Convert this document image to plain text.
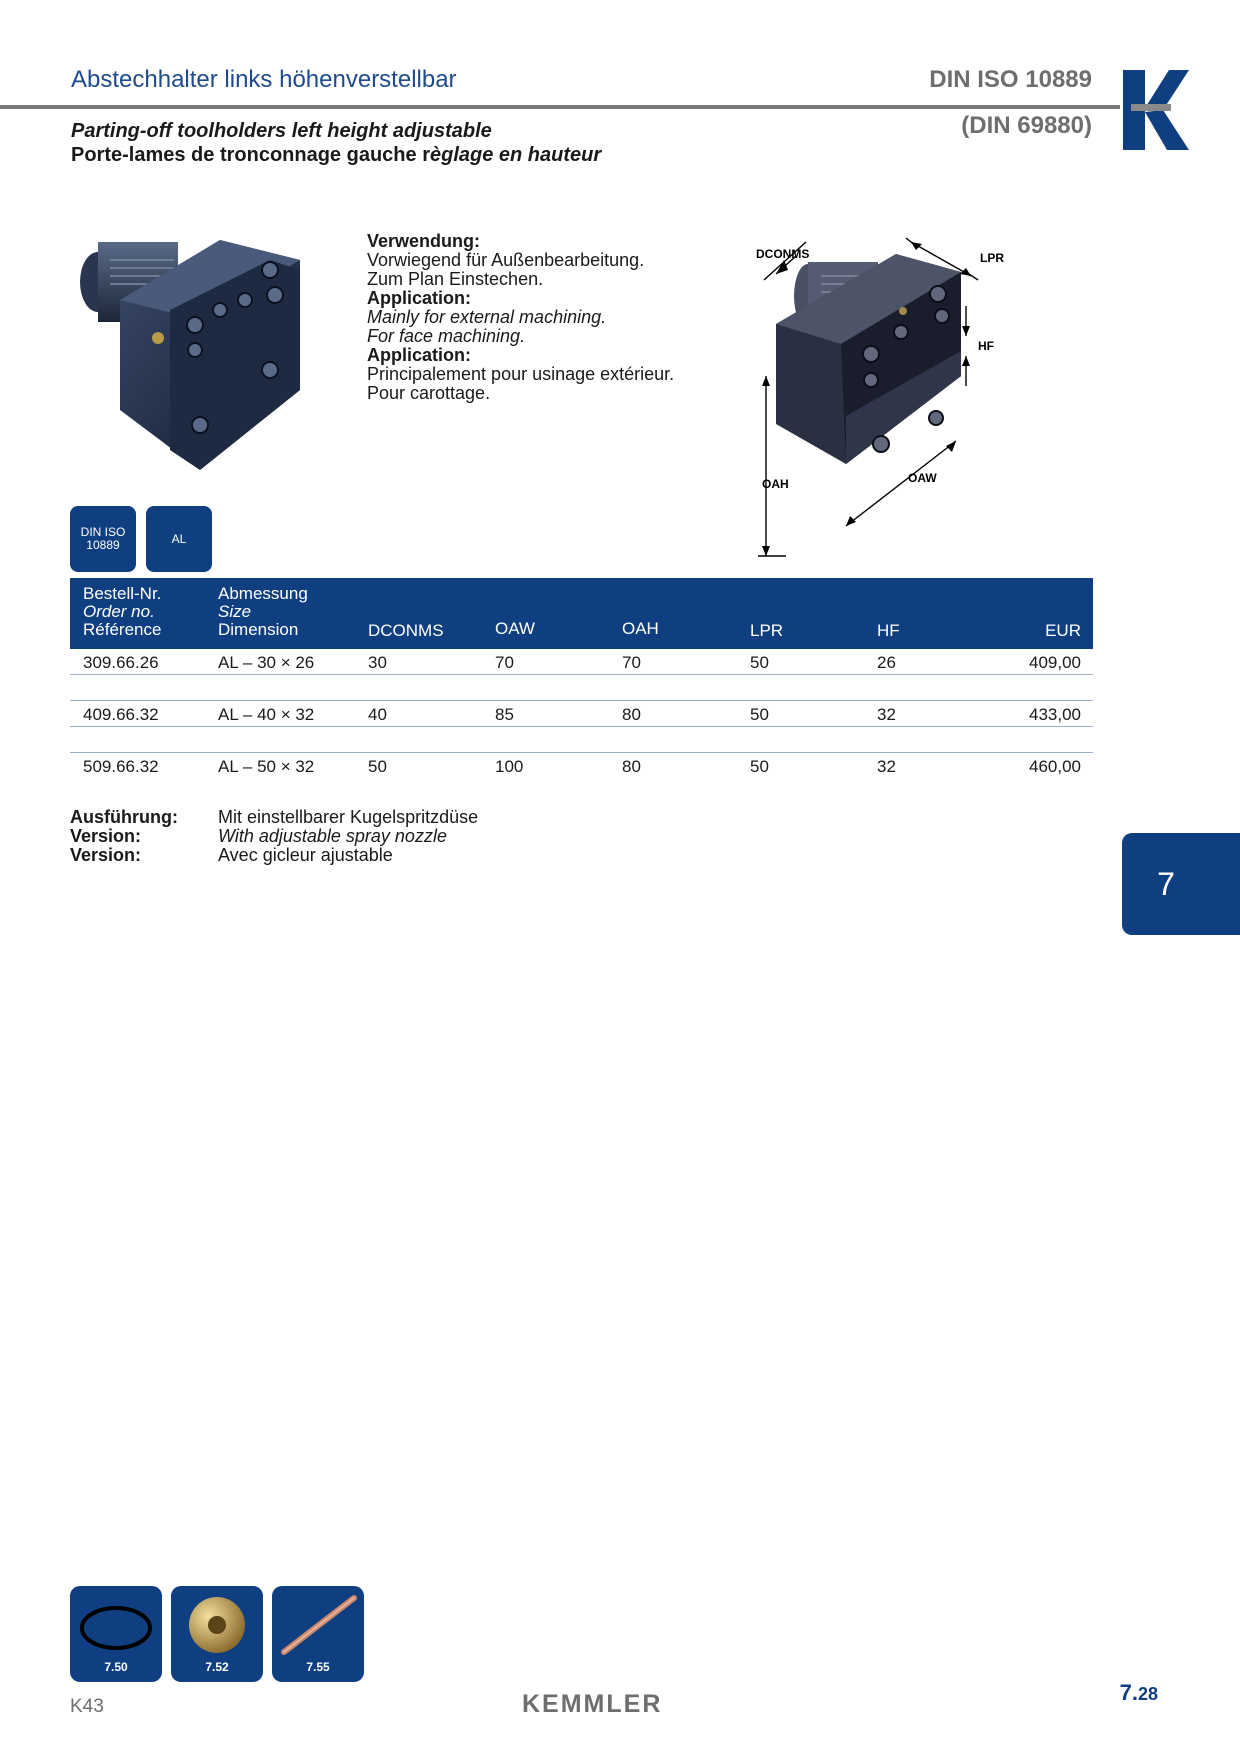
Abstechhalter links höhenverstellbar	DIN ISO 10889
(DIN 69880)
Parting-off toolholders left height adjustable
Porte-lames de tronconnage gauche règlage en hauteur
Verwendung:
Vorwiegend für Außenbearbeitung.
Zum Plan Einstechen.
Application:
Mainly for external machining.
For face machining.
Application:
Principalement pour usinage extérieur.
Pour carottage.
DCONMS	LPR
HF
OAH	OAW
DIN ISO
10889	AL
Bestell-Nr.
Order no.
Référence
Abmessung
Size
Dimension	DCONMS	OAW	OAH	LPR	HF	EUR
309.66.26	AL – 30 × 26	30	70	70	50	26	409,00
409.66.32	AL – 40 × 32	40	85	80	50	32	433,00
509.66.32	AL – 50 × 32	50	100	80	50	32	460,00
Ausführung:	Mit einstellbarer Kugelspritzdüse
Version:	With adjustable spray nozzle
Version:	Avec gicleur ajustable
7
7.50	7.52	7.55
K43	KEMMLER	7.28
